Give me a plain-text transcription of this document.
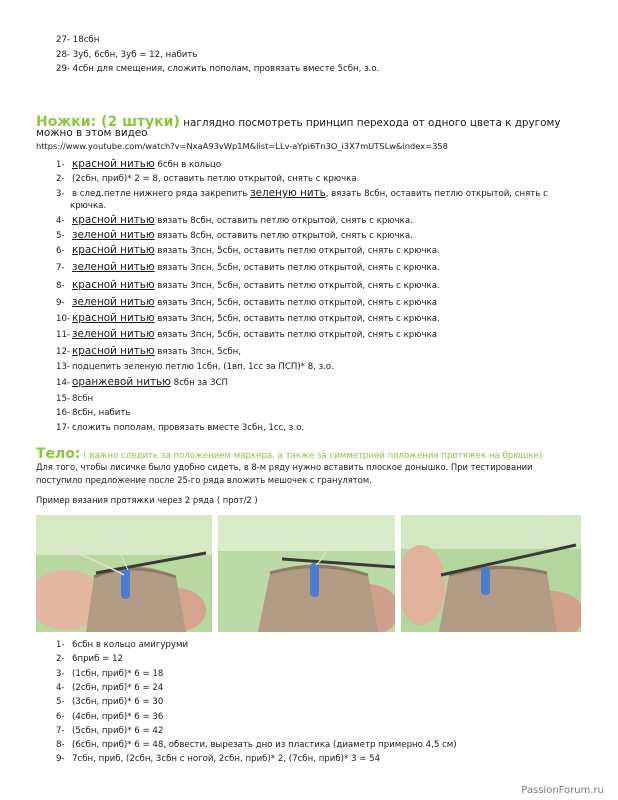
27- 18сбн
28- 3уб, 6сбн, 3уб = 12, набить
29- 4сбн для смещения, сложить пополам, провязать вместе 5сбн, з.о.
Ножки: (2 штуки) наглядно посмотреть принцип перехода от одного цвета к другому
можно в этом видео
https://www.youtube.com/watch?v=NxaA93vWp1M&list=LLv-aYpi6Tn3O_i3X7mUTSLw&index=358
1- красной нитью 6сбн в кольцо
2- (2сбн, приб)* 2 = 8, оставить петлю открытой, снять с крючка.
3- в след.петле нижнего ряда закрепить зеленую нить, вязать 8сбн, оставить петлю открытой, снять с
крючка.
4- красной нитью вязать 8сбн, оставить петлю открытой, снять с крючка.
5- зеленой нитью вязать 8сбн, оставить петлю открытой, снять с крючка.
6- красной нитью вязать 3псн, 5сбн, оставить петлю открытой, снять с крючка.
7- зеленой нитью вязать 3псн, 5сбн, оставить петлю открытой, снять с крючка.
8- красной нитью вязать 3псн, 5сбн, оставить петлю открытой, снять с крючка.
9- зеленой нитью вязать 3псн, 5сбн, оставить петлю открытой, снять с крючка
10- красной нитью вязать 3псн, 5сбн, оставить петлю открытой, снять с крючка.
11- зеленой нитью вязать 3псн, 5сбн, оставить петлю открытой, снять с крючка
12- красной нитью вязать 3псн, 5сбн,
13- подцепить зеленую петлю 1сбн, (1вп, 1сс за ПСП)* 8, з.о.
14- оранжевой нитью 8сбн за ЗСП
15- 8сбн
16- 8сбн, набить
17- сложить пополам, провязать вместе 3сбн, 1сс, з.о.
Тело: ( важно следить за положением маркера, а также за симметрией положения протяжек на брюшке)
Для того, чтобы лисичке было удобно сидеть, в 8-м ряду нужно вставить плоское донышко. При тестировании
поступило предложение после 25-го ряда вложить мешочек с гранулятом.
Пример вязания протяжки через 2 ряда ( прот/2 )
1- 6сбн в кольцо амигуруми
2- 6приб = 12
3- (1сбн, приб)* 6 = 18
4- (2сбн, приб)* 6 = 24
5- (3сбн, приб)* 6 = 30
6- (4сбн, приб)* 6 = 36
7- (5сбн, приб)* 6 = 42
8- (6сбн, приб)* 6 = 48, обвести, вырезать дно из пластика (диаметр примерно 4,5 см)
9- 7сбн, приб, (2сбн, 3сбн с ногой, 2сбн, приб)* 2, (7сбн, приб)* 3 = 54
PassionForum.ru
